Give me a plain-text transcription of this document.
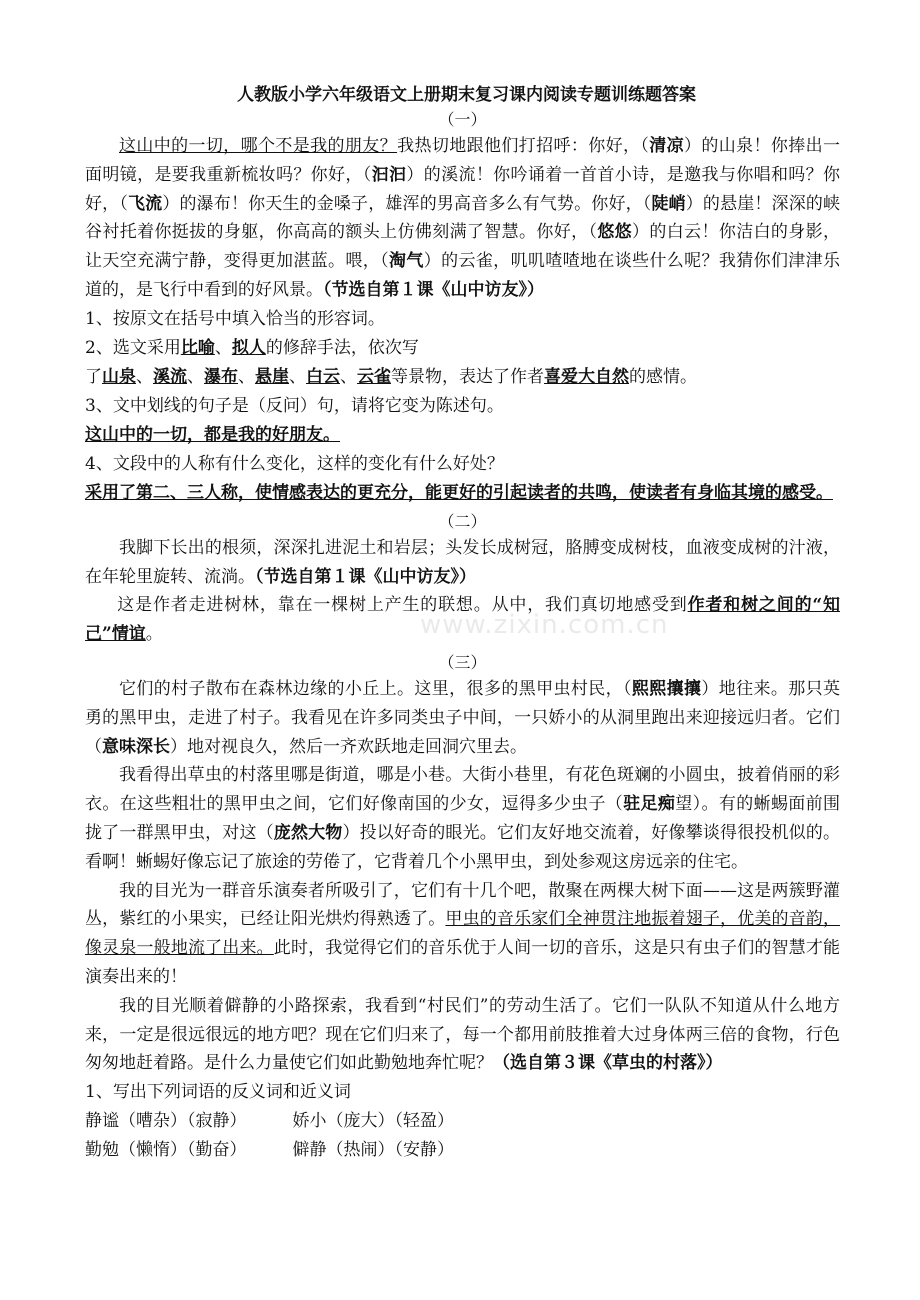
www.zixin.com.cn
人教版小学六年级语文上册期末复习课内阅读专题训练题答案
（一）

这山中的一切，哪个不是我的朋友？我热切地跟他们打招呼：你好，（清凉）的山泉！你捧出一面明镜，是要我重新梳妆吗？你好，（汩汩）的溪流！你吟诵着一首首小诗，是邀我与你唱和吗？你好，（飞流）的瀑布！你天生的金嗓子，雄浑的男高音多么有气势。你好，（陡峭）的悬崖！深深的峡谷衬托着你挺拔的身躯，你高高的额头上仿佛刻满了智慧。你好，（悠悠）的白云！你洁白的身影，让天空充满宁静，变得更加湛蓝。喂，（淘气）的云雀，叽叽喳喳地在谈些什么呢？我猜你们津津乐道的，是飞行中看到的好风景。（节选自第１课《山中访友》）

1、按原文在括号中填入恰当的形容词。

2、选文采用比喻、拟人的修辞手法，依次写

了山泉、溪流、瀑布、悬崖、白云、云雀等景物，表达了作者喜爱大自然的感情。

3、文中划线的句子是（反问）句，请将它变为陈述句。

这山中的一切，都是我的好朋友。

4、文段中的人称有什么变化，这样的变化有什么好处？

采用了第二、三人称，使情感表达的更充分，能更好的引起读者的共鸣，使读者有身临其境的感受。

（二）

我脚下长出的根须，深深扎进泥土和岩层；头发长成树冠，胳膊变成树枝，血液变成树的汁液，在年轮里旋转、流淌。（节选自第１课《山中访友》）

这是作者走进树林，靠在一棵树上产生的联想。从中，我们真切地感受到作者和树之间的“知己”情谊。

（三）

它们的村子散布在森林边缘的小丘上。这里，很多的黑甲虫村民，（熙熙攘攘）地往来。那只英勇的黑甲虫，走进了村子。我看见在许多同类虫子中间，一只娇小的从洞里跑出来迎接远归者。它们（意味深长）地对视良久，然后一齐欢跃地走回洞穴里去。

我看得出草虫的村落里哪是街道，哪是小巷。大街小巷里，有花色斑斓的小圆虫，披着俏丽的彩衣。在这些粗壮的黑甲虫之间，它们好像南国的少女，逗得多少虫子（驻足痴望）。有的蜥蜴面前围拢了一群黑甲虫，对这（庞然大物）投以好奇的眼光。它们友好地交流着，好像攀谈得很投机似的。看啊！蜥蜴好像忘记了旅途的劳倦了，它背着几个小黑甲虫，到处参观这房远亲的住宅。

我的目光为一群音乐演奏者所吸引了，它们有十几个吧，散聚在两棵大树下面——这是两簇野灌丛，紫红的小果实，已经让阳光烘灼得熟透了。甲虫的音乐家们全神贯注地振着翅子，优美的音韵，像灵泉一般地流了出来。此时，我觉得它们的音乐优于人间一切的音乐，这是只有虫子们的智慧才能演奏出来的！

我的目光顺着僻静的小路探索，我看到“村民们”的劳动生活了。它们一队队不知道从什么地方来，一定是很远很远的地方吧？现在它们归来了，每一个都用前肢推着大过身体两三倍的食物，行色匆匆地赶着路。是什么力量使它们如此勤勉地奔忙呢？（选自第３课《草虫的村落》）

1、写出下列词语的反义词和近义词

静谧（嘈杂）（寂静）	娇小（庞大）（轻盈）

勤勉（懒惰）（勤奋）	僻静（热闹）（安静）
